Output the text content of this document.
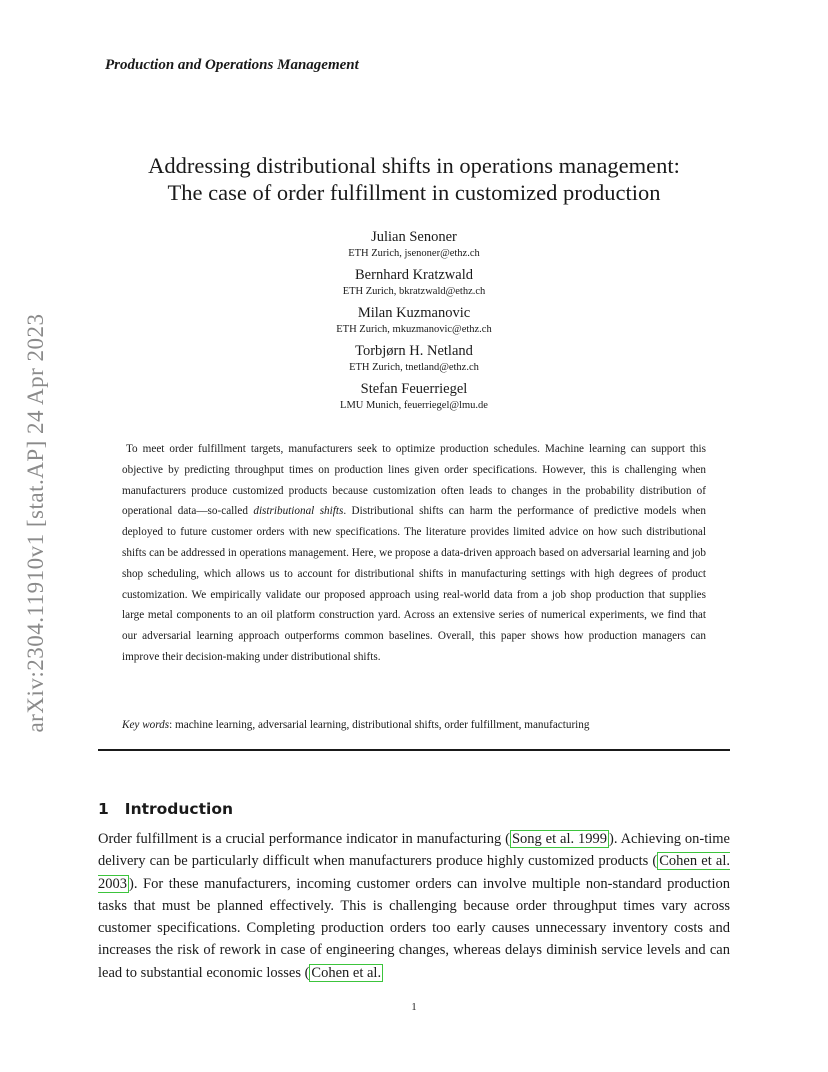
arXiv:2304.11910v1 [stat.AP] 24 Apr 2023
Production and Operations Management
Addressing distributional shifts in operations management:
The case of order fulfillment in customized production
Julian Senoner
ETH Zurich, jsenoner@ethz.ch
Bernhard Kratzwald
ETH Zurich, bkratzwald@ethz.ch
Milan Kuzmanovic
ETH Zurich, mkuzmanovic@ethz.ch
Torbjørn H. Netland
ETH Zurich, tnetland@ethz.ch
Stefan Feuerriegel
LMU Munich, feuerriegel@lmu.de
To meet order fulfillment targets, manufacturers seek to optimize production schedules. Machine learning can support this objective by predicting throughput times on production lines given order specifications. However, this is challenging when manufacturers produce customized products because customization often leads to changes in the probability distribution of operational data—so-called distributional shifts. Distributional shifts can harm the performance of predictive models when deployed to future customer orders with new specifications. The literature provides limited advice on how such distributional shifts can be addressed in operations management. Here, we propose a data-driven approach based on adversarial learning and job shop scheduling, which allows us to account for distributional shifts in manufacturing settings with high degrees of product customization. We empirically validate our proposed approach using real-world data from a job shop production that supplies large metal components to an oil platform construction yard. Across an extensive series of numerical experiments, we find that our adversarial learning approach outperforms common baselines. Overall, this paper shows how production managers can improve their decision-making under distributional shifts.
Key words: machine learning, adversarial learning, distributional shifts, order fulfillment, manufacturing
1 Introduction
Order fulfillment is a crucial performance indicator in manufacturing ( Song et al. 1999 ). Achieving on-time delivery can be particularly difficult when manufacturers produce highly customized products ( Cohen et al. 2003 ). For these manufacturers, incoming customer orders can involve multiple non-standard production tasks that must be planned effectively. This is challenging because order throughput times vary across customer specifications. Completing production orders too early causes unnecessary inventory costs and increases the risk of rework in case of engineering changes, whereas delays diminish service levels and can lead to substantial economic losses ( Cohen et al.
1
